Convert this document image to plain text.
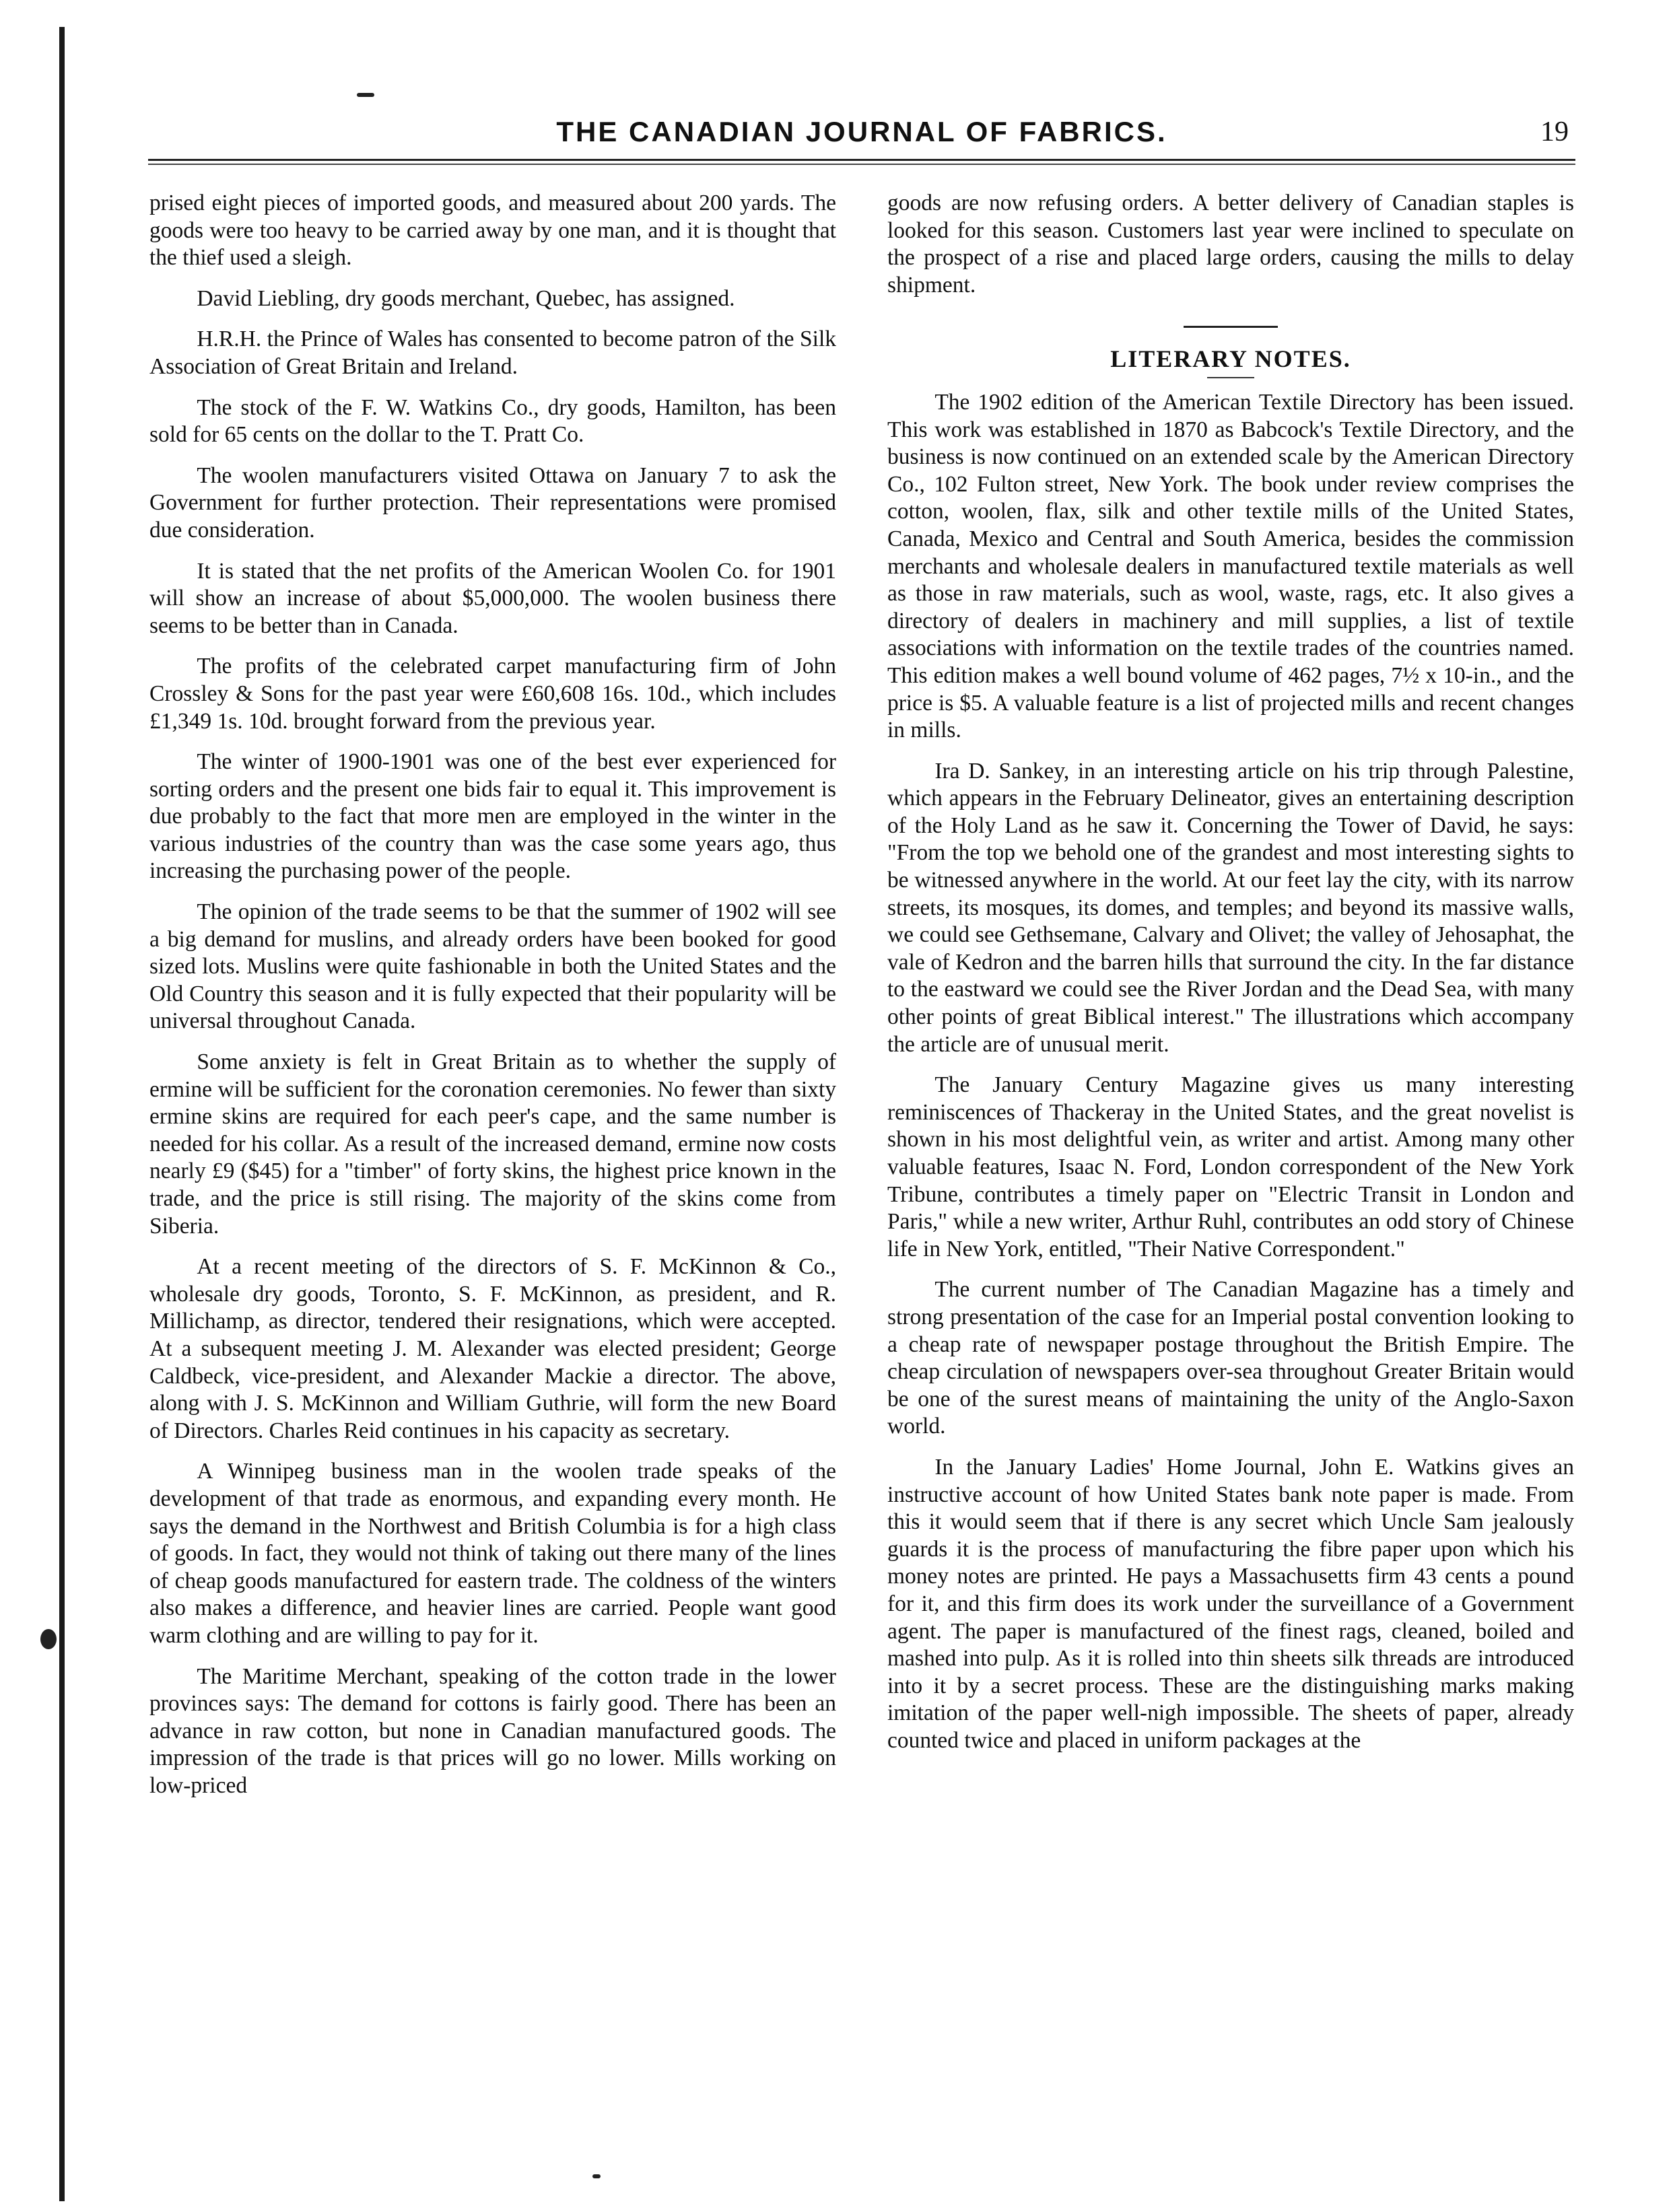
THE CANADIAN JOURNAL OF FABRICS.	19

prised eight pieces of imported goods, and measured about 200 yards. The goods were too heavy to be carried away by one man, and it is thought that the thief used a sleigh.

David Liebling, dry goods merchant, Quebec, has assigned.

H.R.H. the Prince of Wales has consented to become patron of the Silk Association of Great Britain and Ireland.

The stock of the F. W. Watkins Co., dry goods, Hamilton, has been sold for 65 cents on the dollar to the T. Pratt Co.

The woolen manufacturers visited Ottawa on January 7 to ask the Government for further protection. Their representations were promised due consideration.

It is stated that the net profits of the American Woolen Co. for 1901 will show an increase of about $5,000,000. The woolen business there seems to be better than in Canada.

The profits of the celebrated carpet manufacturing firm of John Crossley & Sons for the past year were £60,608 16s. 10d., which includes £1,349 1s. 10d. brought forward from the previous year.

The winter of 1900-1901 was one of the best ever experienced for sorting orders and the present one bids fair to equal it. This improvement is due probably to the fact that more men are employed in the winter in the various industries of the country than was the case some years ago, thus increasing the purchasing power of the people.

The opinion of the trade seems to be that the summer of 1902 will see a big demand for muslins, and already orders have been booked for good sized lots. Muslins were quite fashionable in both the United States and the Old Country this season and it is fully expected that their popularity will be universal throughout Canada.

Some anxiety is felt in Great Britain as to whether the supply of ermine will be sufficient for the coronation ceremonies. No fewer than sixty ermine skins are required for each peer's cape, and the same number is needed for his collar. As a result of the increased demand, ermine now costs nearly £9 ($45) for a "timber" of forty skins, the highest price known in the trade, and the price is still rising. The majority of the skins come from Siberia.

At a recent meeting of the directors of S. F. McKinnon & Co., wholesale dry goods, Toronto, S. F. McKinnon, as president, and R. Millichamp, as director, tendered their resignations, which were accepted. At a subsequent meeting J. M. Alexander was elected president; George Caldbeck, vice-president, and Alexander Mackie a director. The above, along with J. S. McKinnon and William Guthrie, will form the new Board of Directors. Charles Reid continues in his capacity as secretary.

A Winnipeg business man in the woolen trade speaks of the development of that trade as enormous, and expanding every month. He says the demand in the Northwest and British Columbia is for a high class of goods. In fact, they would not think of taking out there many of the lines of cheap goods manufactured for eastern trade. The coldness of the winters also makes a difference, and heavier lines are carried. People want good warm clothing and are willing to pay for it.

The Maritime Merchant, speaking of the cotton trade in the lower provinces says: The demand for cottons is fairly good. There has been an advance in raw cotton, but none in Canadian manufactured goods. The impression of the trade is that prices will go no lower. Mills working on low-priced

goods are now refusing orders. A better delivery of Canadian staples is looked for this season. Customers last year were inclined to speculate on the prospect of a rise and placed large orders, causing the mills to delay shipment.

LITERARY NOTES.

The 1902 edition of the American Textile Directory has been issued. This work was established in 1870 as Babcock's Textile Directory, and the business is now continued on an extended scale by the American Directory Co., 102 Fulton street, New York. The book under review comprises the cotton, woolen, flax, silk and other textile mills of the United States, Canada, Mexico and Central and South America, besides the commission merchants and wholesale dealers in manufactured textile materials as well as those in raw materials, such as wool, waste, rags, etc. It also gives a directory of dealers in machinery and mill supplies, a list of textile associations with information on the textile trades of the countries named. This edition makes a well bound volume of 462 pages, 7½ x 10-in., and the price is $5. A valuable feature is a list of projected mills and recent changes in mills.

Ira D. Sankey, in an interesting article on his trip through Palestine, which appears in the February Delineator, gives an entertaining description of the Holy Land as he saw it. Concerning the Tower of David, he says: "From the top we behold one of the grandest and most interesting sights to be witnessed anywhere in the world. At our feet lay the city, with its narrow streets, its mosques, its domes, and temples; and beyond its massive walls, we could see Gethsemane, Calvary and Olivet; the valley of Jehosaphat, the vale of Kedron and the barren hills that surround the city. In the far distance to the eastward we could see the River Jordan and the Dead Sea, with many other points of great Biblical interest." The illustrations which accompany the article are of unusual merit.

The January Century Magazine gives us many interesting reminiscences of Thackeray in the United States, and the great novelist is shown in his most delightful vein, as writer and artist. Among many other valuable features, Isaac N. Ford, London correspondent of the New York Tribune, contributes a timely paper on "Electric Transit in London and Paris," while a new writer, Arthur Ruhl, contributes an odd story of Chinese life in New York, entitled, "Their Native Correspondent."

The current number of The Canadian Magazine has a timely and strong presentation of the case for an Imperial postal convention looking to a cheap rate of newspaper postage throughout the British Empire. The cheap circulation of newspapers over-sea throughout Greater Britain would be one of the surest means of maintaining the unity of the Anglo-Saxon world.

In the January Ladies' Home Journal, John E. Watkins gives an instructive account of how United States bank note paper is made. From this it would seem that if there is any secret which Uncle Sam jealously guards it is the process of manufacturing the fibre paper upon which his money notes are printed. He pays a Massachusetts firm 43 cents a pound for it, and this firm does its work under the surveillance of a Government agent. The paper is manufactured of the finest rags, cleaned, boiled and mashed into pulp. As it is rolled into thin sheets silk threads are introduced into it by a secret process. These are the distinguishing marks making imitation of the paper well-nigh impossible. The sheets of paper, already counted twice and placed in uniform packages at the
